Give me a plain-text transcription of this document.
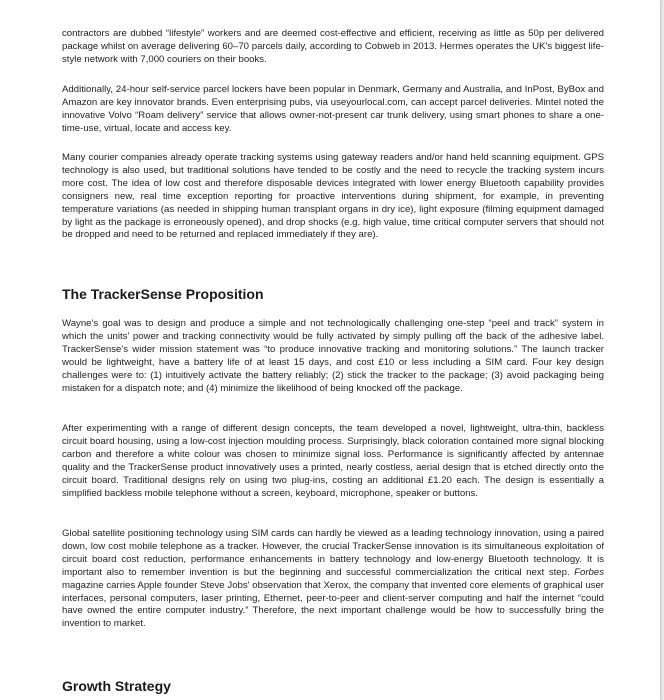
contractors are dubbed “lifestyle” workers and are deemed cost-effective and efficient, receiving as little as 50p per delivered package whilst on average delivering 60–70 parcels daily, according to Cobweb in 2013. Hermes operates the UK's biggest life-style network with 7,000 couriers on their books.

Additionally, 24-hour self-service parcel lockers have been popular in Denmark, Germany and Australia, and InPost, ByBox and Amazon are key innovator brands. Even enterprising pubs, via useyourlocal.com, can accept parcel deliveries. Mintel noted the innovative Volvo “Roam delivery” service that allows owner-not-present car trunk delivery, using smart phones to share a one-time-use, virtual, locate and access key.

Many courier companies already operate tracking systems using gateway readers and/or hand held scanning equipment. GPS technology is also used, but traditional solutions have tended to be costly and the need to recycle the tracking system incurs more cost. The idea of low cost and therefore disposable devices integrated with lower energy Bluetooth capability provides consigners new, real time exception reporting for proactive interventions during shipment, for example, in preventing temperature variations (as needed in shipping human transplant organs in dry ice), light exposure (filming equipment damaged by light as the package is erroneously opened), and drop shocks (e.g. high value, time critical computer servers that should not be dropped and need to be returned and replaced immediately if they are).

The TrackerSense Proposition

Wayne's goal was to design and produce a simple and not technologically challenging one-step “peel and track” system in which the units' power and tracking connectivity would be fully activated by simply pulling off the back of the adhesive label. TrackerSense's wider mission statement was “to produce innovative tracking and monitoring solutions.” The launch tracker would be lightweight, have a battery life of at least 15 days, and cost £10 or less including a SIM card. Four key design challenges were to: (1) intuitively activate the battery reliably; (2) stick the tracker to the package; (3) avoid packaging being mistaken for a dispatch note; and (4) minimize the likelihood of being knocked off the package.

After experimenting with a range of different design concepts, the team developed a novel, lightweight, ultra-thin, backless circuit board housing, using a low-cost injection moulding process. Surprisingly, black coloration contained more signal blocking carbon and therefore a white colour was chosen to minimize signal loss. Performance is significantly affected by antennae quality and the TrackerSense product innovatively uses a printed, nearly costless, aerial design that is etched directly onto the circuit board. Traditional designs rely on using two plug-ins, costing an additional £1.20 each. The design is essentially a simplified backless mobile telephone without a screen, keyboard, microphone, speaker or buttons.

Global satellite positioning technology using SIM cards can hardly be viewed as a leading technology innovation, using a paired down, low cost mobile telephone as a tracker. However, the crucial TrackerSense innovation is its simultaneous exploitation of circuit board cost reduction, performance enhancements in battery technology and low-energy Bluetooth technology. It is important also to remember invention is but the beginning and successful commercialization the critical next step. Forbes magazine carries Apple founder Steve Jobs' observation that Xerox, the company that invented core elements of graphical user interfaces, personal computers, laser printing, Ethernet, peer-to-peer and client-server computing and half the internet “could have owned the entire computer industry.” Therefore, the next important challenge would be how to successfully bring the invention to market.

Growth Strategy
